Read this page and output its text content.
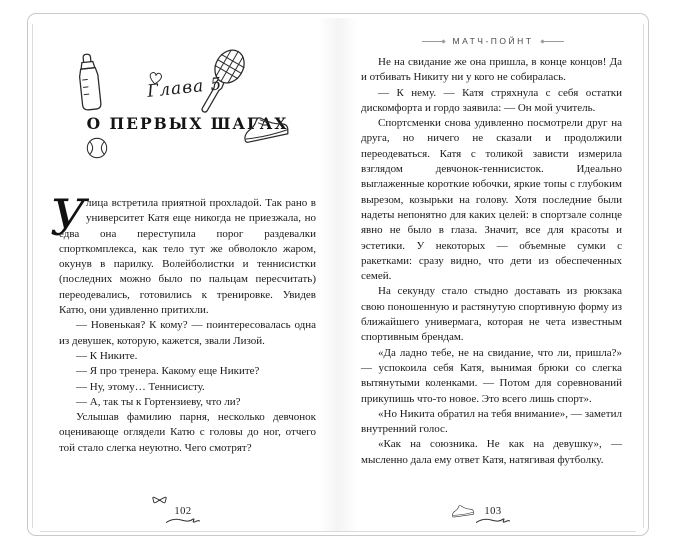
Глава 5
О ПЕРВЫХ ШАГАХ

Улица встретила приятной прохладой. Так рано в университет Катя еще никогда не приезжала, но едва она переступила порог раздевалки спорткомплекса, как тело тут же обволокло жаром, окунув в парилку. Волейболистки и теннисистки (последних можно было по пальцам пересчитать) переодевались, готовились к тренировке. Увидев Катю, они удивленно притихли.

— Новенькая? К кому? — поинтересовалась одна из девушек, которую, кажется, звали Лизой.

— К Никите.

— Я про тренера. Какому еще Никите?

— Ну, этому… Теннисисту.

— А, так ты к Гортензиеву, что ли?

Услышав фамилию парня, несколько девчонок оценивающе оглядели Катю с головы до ног, отчего той стало слегка неуютно. Чего смотрят?

102
МАТЧ-ПОЙНТ

Не на свидание же она пришла, в конце концов! Да и отбивать Никиту ни у кого не собиралась.

— К нему. — Катя стряхнула с себя остатки дискомфорта и гордо заявила: — Он мой учитель.

Спортсменки снова удивленно посмотрели друг на друга, но ничего не сказали и продолжили переодеваться. Катя с толикой зависти измерила взглядом девчонок-теннисисток. Идеально выглаженные короткие юбочки, яркие топы с глубоким вырезом, козырьки на голову. Хотя последние были надеты непонятно для каких целей: в спортзале солнце явно не было в глаза. Значит, все для красоты и эстетики. У некоторых — объемные сумки с ракетками: сразу видно, что дети из обеспеченных семей.

На секунду стало стыдно доставать из рюкзака свою поношенную и растянутую спортивную форму из ближайшего универмага, которая не чета известным спортивным брендам.

«Да ладно тебе, не на свидание, что ли, пришла?» — успокоила себя Катя, вынимая брюки со слегка вытянутыми коленками. — Потом для соревнований прикупишь что-то новое. Это всего лишь спорт».

«Но Никита обратил на тебя внимание», — заметил внутренний голос.

«Как на союзника. Не как на девушку», — мысленно дала ему ответ Катя, натягивая футболку.

103
